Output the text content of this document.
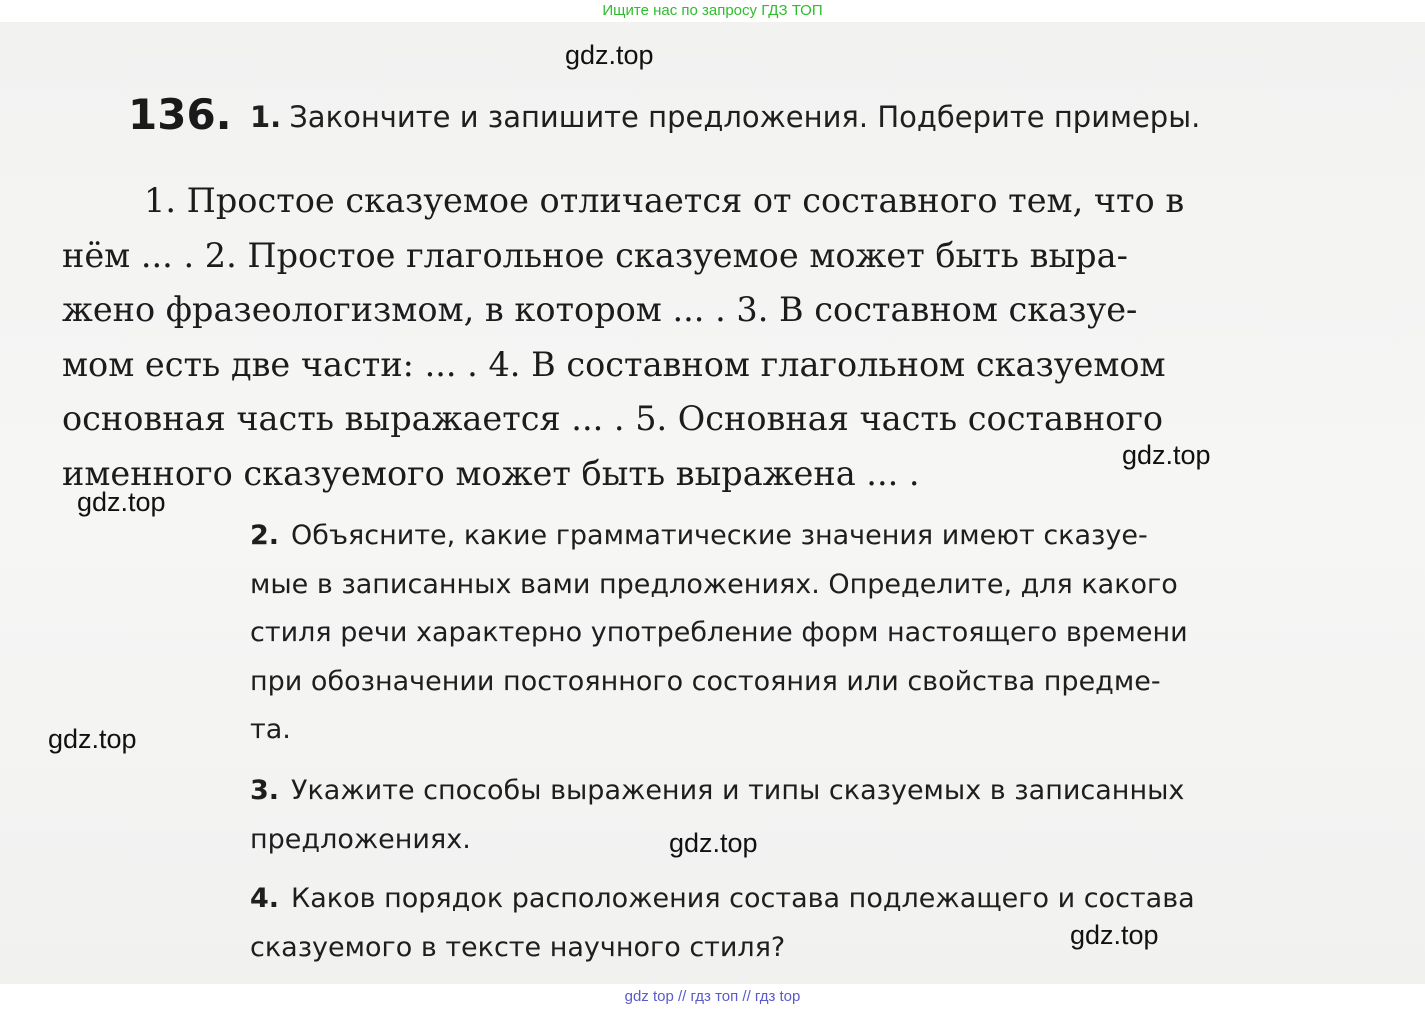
Ищите нас по запросу ГДЗ ТОП
136. 1. Закончите и запишите предложения. Подберите примеры.
1. Простое сказуемое отличается от составного тем, что в
нём ... . 2. Простое глагольное сказуемое может быть выра-
жено фразеологизмом, в котором ... . 3. В составном сказуе-
мом есть две части: ... . 4. В составном глагольном сказуемом
основная часть выражается ... . 5. Основная часть составного
именного сказуемого может быть выражена ... .
2. Объясните, какие грамматические значения имеют сказуе-
мые в записанных вами предложениях. Определите, для какого
стиля речи характерно употребление форм настоящего времени
при обозначении постоянного состояния или свойства предме-
та.
3. Укажите способы выражения и типы сказуемых в записанных
предложениях.
4. Каков порядок расположения состава подлежащего и состава
сказуемого в тексте научного стиля?
gdz.top
gdz.top
gdz.top
gdz.top
gdz.top
gdz.top
gdz top // гдз топ // гдз top
